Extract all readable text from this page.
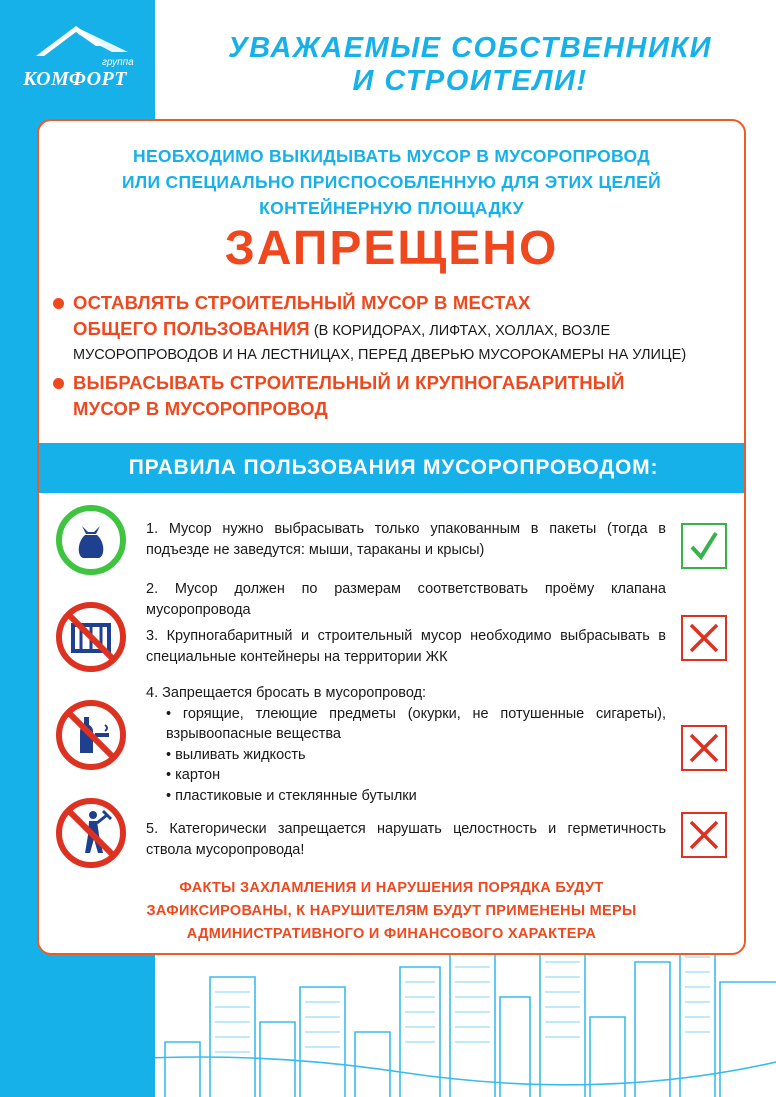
группа
КОМФОРТ
УВАЖАЕМЫЕ СОБСТВЕННИКИ
И СТРОИТЕЛИ!
НЕОБХОДИМО ВЫКИДЫВАТЬ МУСОР В МУСОРОПРОВОД
ИЛИ СПЕЦИАЛЬНО ПРИСПОСОБЛЕННУЮ ДЛЯ ЭТИХ ЦЕЛЕЙ
КОНТЕЙНЕРНУЮ ПЛОЩАДКУ
ЗАПРЕЩЕНО
ОСТАВЛЯТЬ СТРОИТЕЛЬНЫЙ МУСОР В МЕСТАХ
ОБЩЕГО ПОЛЬЗОВАНИЯ (В КОРИДОРАХ, ЛИФТАХ, ХОЛЛАХ, ВОЗЛЕ
МУСОРОПРОВОДОВ И НА ЛЕСТНИЦАХ, ПЕРЕД ДВЕРЬЮ МУСОРОКАМЕРЫ НА УЛИЦЕ)
ВЫБРАСЫВАТЬ СТРОИТЕЛЬНЫЙ И КРУПНОГАБАРИТНЫЙ
МУСОР В МУСОРОПРОВОД
ПРАВИЛА ПОЛЬЗОВАНИЯ МУСОРОПРОВОДОМ:
1. Мусор нужно выбрасывать только упакованным в пакеты (тогда в подъезде не заведутся: мыши, тараканы и крысы)
2. Мусор должен по размерам соответствовать проёму клапана мусоропровода
3. Крупногабаритный и строительный мусор необходимо выбрасывать в специальные контейнеры на территории ЖК
4. Запрещается бросать в мусоропровод:
• горящие, тлеющие предметы (окурки, не потушенные сигареты), взрывоопасные вещества
• выливать жидкость
• картон
• пластиковые и стеклянные бутылки
5. Категорически запрещается нарушать целостность и герметичность ствола мусоропровода!
ФАКТЫ ЗАХЛАМЛЕНИЯ И НАРУШЕНИЯ ПОРЯДКА БУДУТ
ЗАФИКСИРОВАНЫ, К НАРУШИТЕЛЯМ БУДУТ ПРИМЕНЕНЫ МЕРЫ
АДМИНИСТРАТИВНОГО И ФИНАНСОВОГО ХАРАКТЕРА
